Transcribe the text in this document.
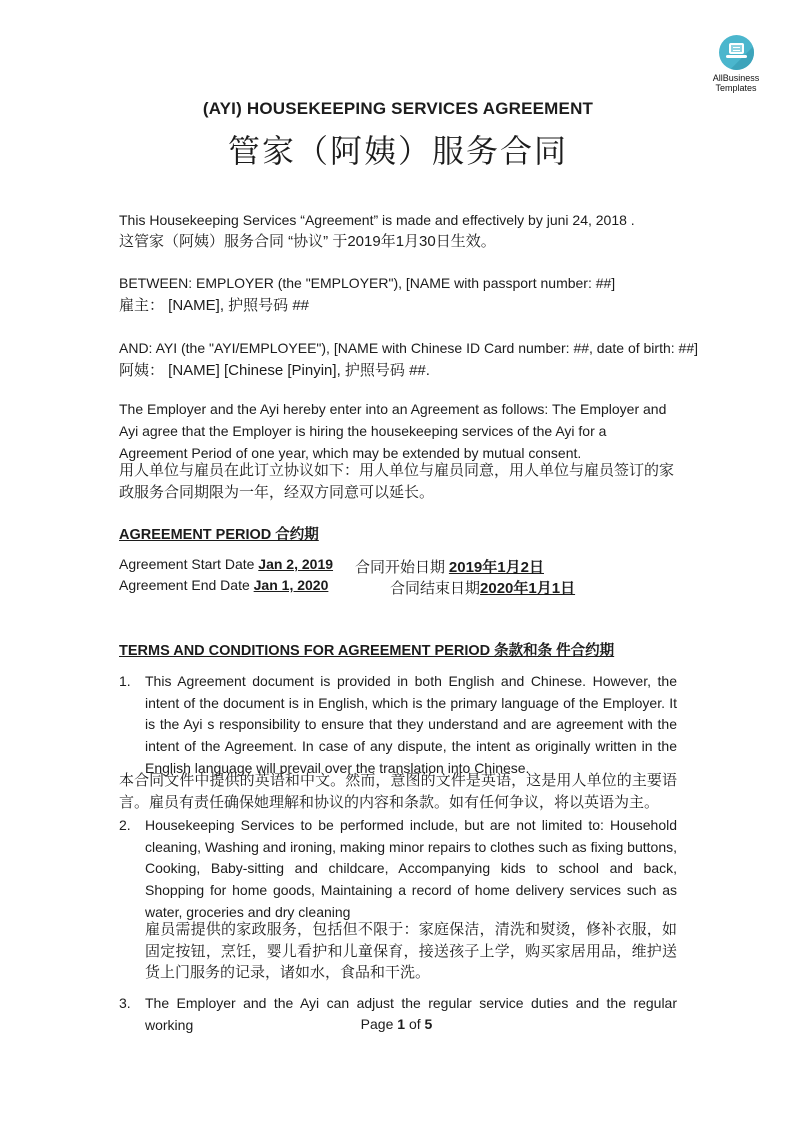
AllBusiness
Templates
(AYI) HOUSEKEEPING SERVICES AGREEMENT
管家（阿姨）服务合同
This Housekeeping Services “Agreement” is made and effectively by juni 24, 2018 .
这管家（阿姨）服务合同 “协议” 于2019年1月30日生效。
BETWEEN: EMPLOYER (the "EMPLOYER"), [NAME with passport number: ##]
雇主： [NAME], 护照号码 ##
AND: AYI (the "AYI/EMPLOYEE"), [NAME with Chinese ID Card number: ##, date of birth: ##]
阿姨： [NAME] [Chinese [Pinyin], 护照号码 ##.
The Employer and the Ayi hereby enter into an Agreement as follows: The Employer and Ayi agree that the Employer is hiring the housekeeping services of the Ayi for a Agreement Period of one year, which may be extended by mutual consent.
用人单位与雇员在此订立协议如下：用人单位与雇员同意，用人单位与雇员签订的家政服务合同期限为一年，经双方同意可以延长。
AGREEMENT PERIOD 合约期
Agreement Start Date Jan 2, 2019 合同开始日期 2019年1月2日
Agreement End Date Jan 1, 2020	合同结束日期2020年1月1日
TERMS AND CONDITIONS FOR AGREEMENT PERIOD 条款和条 件合约期
1. This Agreement document is provided in both English and Chinese. However, the intent of the document is in English, which is the primary language of the Employer. It is the Ayi s responsibility to ensure that they understand and are agreement with the intent of the Agreement. In case of any dispute, the intent as originally written in the English language will prevail over the translation into Chinese.
本合同文件中提供的英语和中文。然而，意图的文件是英语，这是用人单位的主要语言。雇员有责任确保她理解和协议的内容和条款。如有任何争议，将以英语为主。
2. Housekeeping Services to be performed include, but are not limited to: Household cleaning, Washing and ironing, making minor repairs to clothes such as fixing buttons, Cooking, Baby-sitting and childcare, Accompanying kids to school and back, Shopping for home goods, Maintaining a record of home delivery services such as water, groceries and dry cleaning
雇员需提供的家政服务，包括但不限于：家庭保洁，清洗和熨烫，修补衣服，如固定按钮，烹饪，婴儿看护和儿童保育，接送孩子上学，购买家居用品，维护送货上门服务的记录，诸如水，食品和干洗。
3. The Employer and the Ayi can adjust the regular service duties and the regular working	Page 1 of 5
